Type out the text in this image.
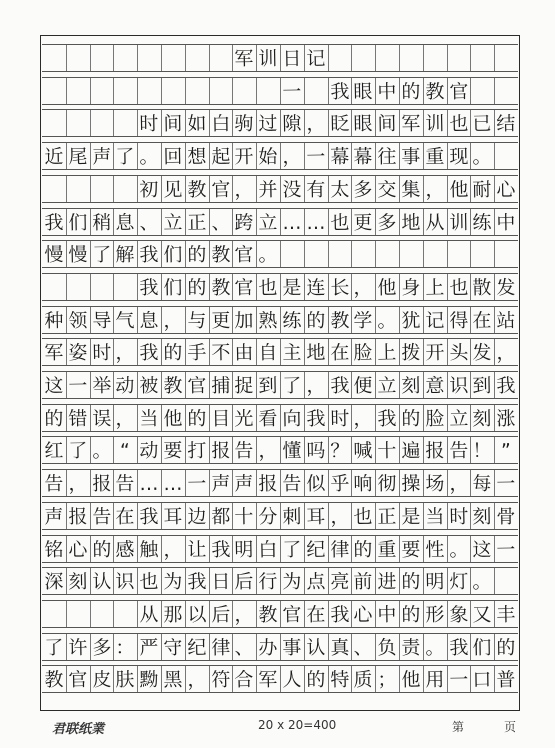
军 训 日 记
一 我 眼 中 的 教 官
时 间 如 白 驹 过 隙 ， 眨 眼 间 军 训 也 已 结
近 尾 声 了 。 回 想 起 开 始 ， 一 幕 幕 往 事 重 现 。
初 见 教 官 ， 并 没 有 太 多 交 集 ， 他 耐 心
我 们 稍 息 、 立 正 、 跨 立 … … 也 更 多 地 从 训 练 中
慢 慢 了 解 我 们 的 教 官 。
我 们 的 教 官 也 是 连 长 ， 他 身 上 也 散 发
种 领 导 气 息 ， 与 更 加 熟 练 的 教 学 。 犹 记 得 在 站
军 姿 时 ， 我 的 手 不 由 自 主 地 在 脸 上 拨 开 头 发 ，
这 一 举 动 被 教 官 捕 捉 到 了 ， 我 便 立 刻 意 识 到 我
的 错 误 ， 当 他 的 目 光 看 向 我 时 ， 我 的 脸 立 刻 涨
红 了 。 “ 动 要 打 报 告 ， 懂 吗 ？ 喊 十 遍 报 告 ！ ”
告 ， 报 告 … … 一 声 声 报 告 似 乎 响 彻 操 场 ， 每 一
声 报 告 在 我 耳 边 都 十 分 刺 耳 ， 也 正 是 当 时 刻 骨
铭 心 的 感 触 ， 让 我 明 白 了 纪 律 的 重 要 性 。 这 一
深 刻 认 识 也 为 我 日 后 行 为 点 亮 前 进 的 明 灯 。
从 那 以 后 ， 教 官 在 我 心 中 的 形 象 又 丰
了 许 多 ： 严 守 纪 律 、 办 事 认 真 、 负 责 。 我 们 的
教 官 皮 肤 黝 黑 ， 符 合 军 人 的 特 质 ； 他 用 一 口 普
君联纸業	20 x 20=400	第	页
